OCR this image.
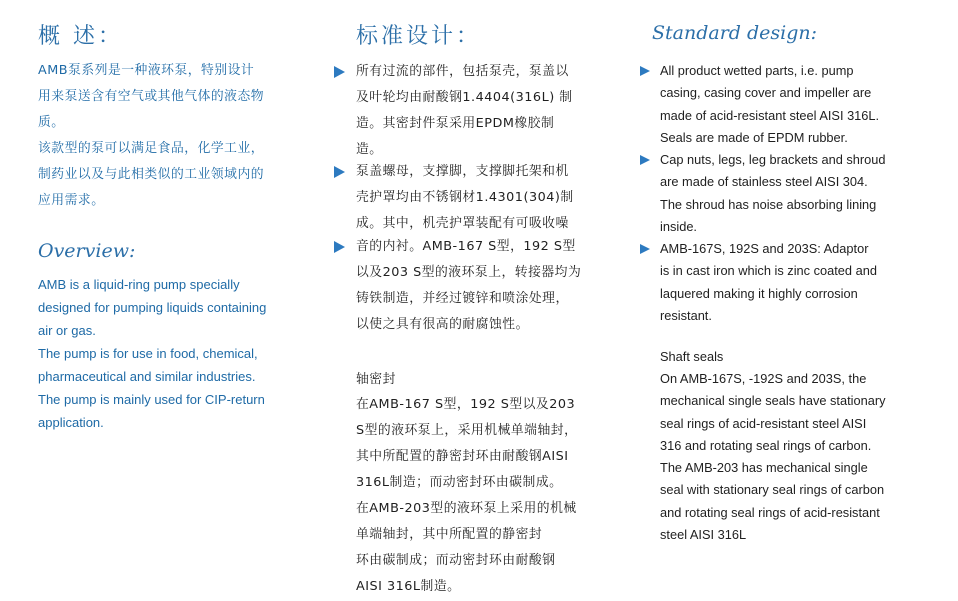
概 述：
AMB泵系列是一种液环泵，特别设计
用来泵送含有空气或其他气体的液态物
质。
该款型的泵可以满足食品，化学工业，
制药业以及与此相类似的工业领域内的
应用需求。
Overview:
AMB is a liquid-ring pump specially
designed for pumping liquids containing
air or gas.
The pump is for use in food, chemical,
pharmaceutical and similar industries.
The pump is mainly used for CIP-return
application.
标准设计：
所有过流的部件，包括泵壳，泵盖以
及叶轮均由耐酸钢1.4404(316L) 制
造。其密封件泵采用EPDM橡胶制
造。
泵盖螺母，支撑脚，支撑脚托架和机
壳护罩均由不锈钢材1.4301(304)制
成。其中，机壳护罩装配有可吸收噪
音的内衬。AMB-167 S型，192 S型
以及203 S型的液环泵上，转接器均为
铸铁制造，并经过镀锌和喷涂处理，
以使之具有很高的耐腐蚀性。
轴密封
在AMB-167 S型，192 S型以及203
S型的液环泵上，采用机械单端轴封，
其中所配置的静密封环由耐酸钢AISI
316L制造；而动密封环由碳制成。
在AMB-203型的液环泵上采用的机械
单端轴封，其中所配置的静密封
环由碳制成；而动密封环由耐酸钢
AISI 316L制造。
Standard design:
All product wetted parts, i.e. pump
casing, casing cover and impeller are
made of acid-resistant steel AISI 316L.
Seals are made of EPDM rubber.
Cap nuts, legs, leg brackets and shroud
are made of stainless steel AISI 304.
The shroud has noise absorbing lining
inside.
AMB-167S, 192S and 203S: Adaptor
is in cast iron which is zinc coated and
laquered making it highly corrosion
resistant.
Shaft seals
On AMB-167S, -192S and 203S, the
mechanical single seals have stationary
seal rings of acid-resistant steel AISI
316 and rotating seal rings of carbon.
The AMB-203 has mechanical single
seal with stationary seal rings of carbon
and rotating seal rings of acid-resistant
steel AISI 316L
